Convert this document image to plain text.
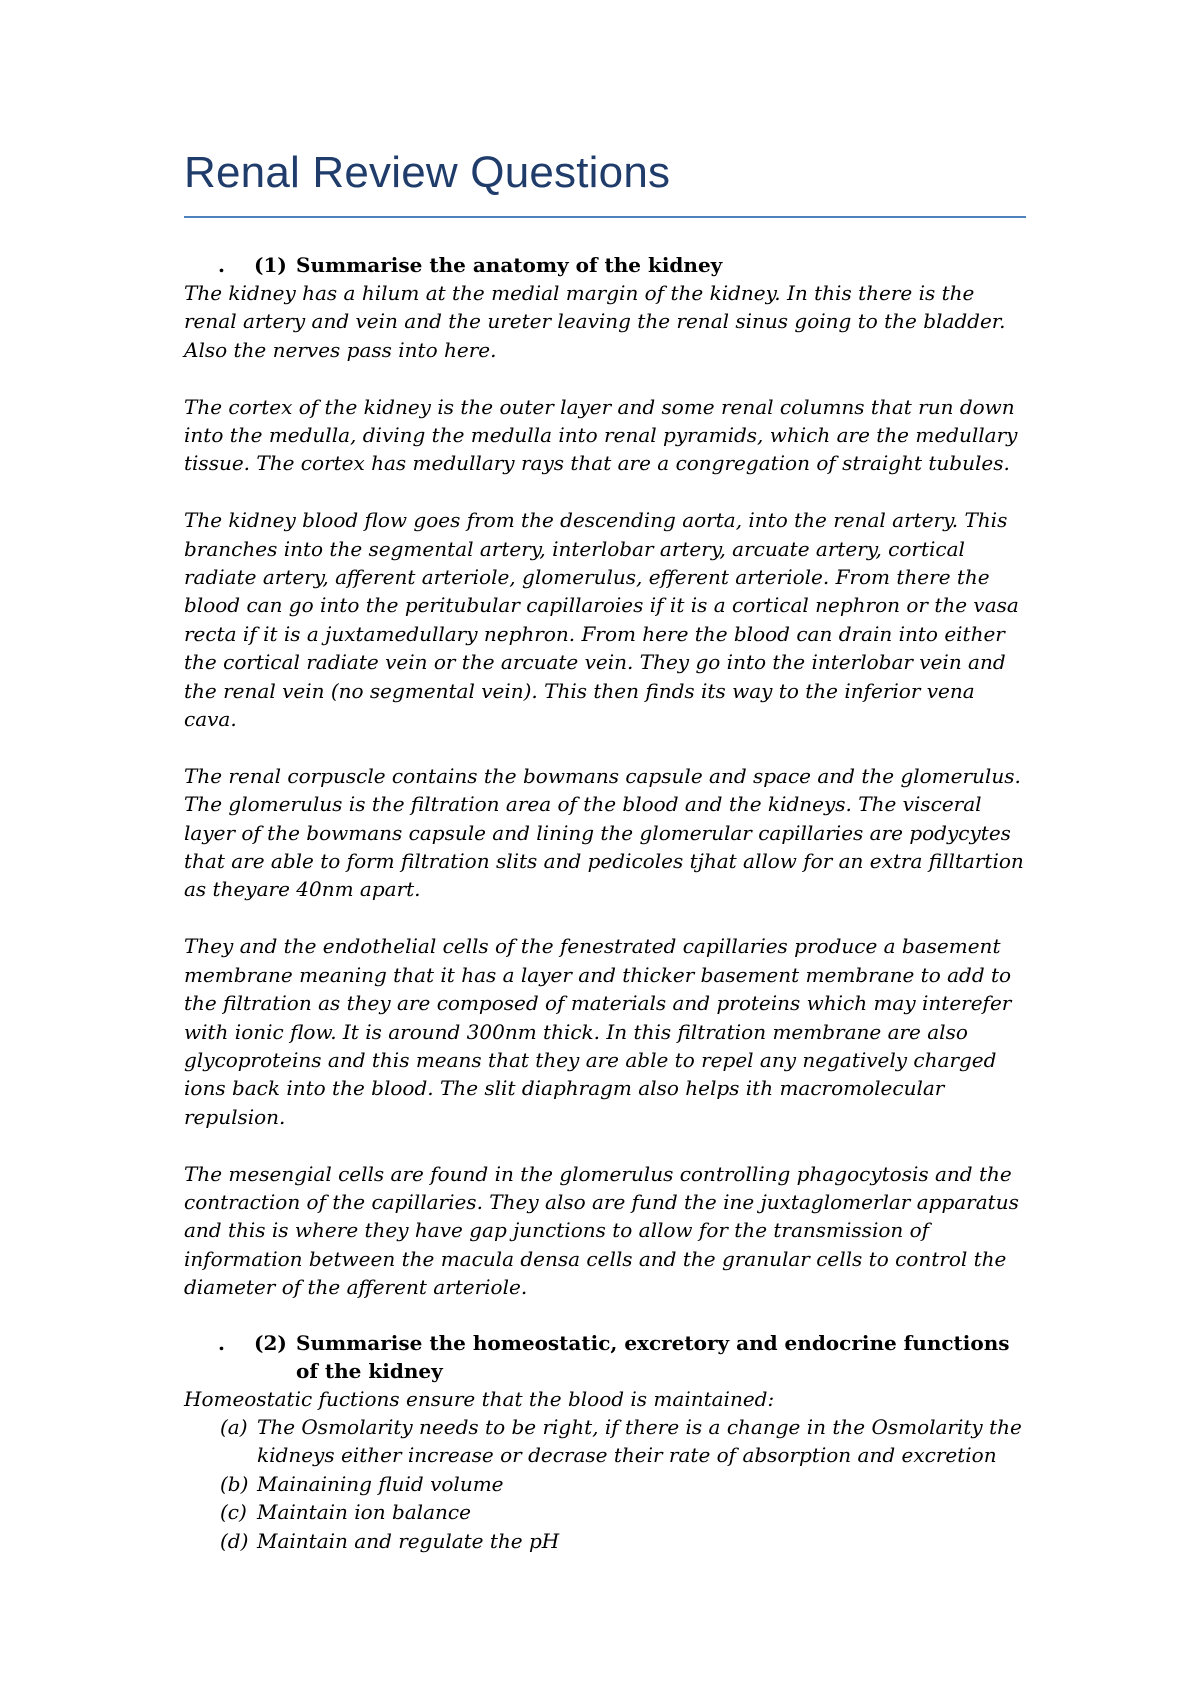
Renal Review Questions
.	(1) Summarise the anatomy of the kidney

The kidney has a hilum at the medial margin of the kidney. In this there is the renal artery and vein and the ureter leaving the renal sinus going to the bladder. Also the nerves pass into here.

The cortex of the kidney is the outer layer and some renal columns that run down into the medulla, diving the medulla into renal pyramids, which are the medullary tissue. The cortex has medullary rays that are a congregation of straight tubules.

The kidney blood flow goes from the descending aorta, into the renal artery. This branches into the segmental artery, interlobar artery, arcuate artery, cortical radiate artery, afferent arteriole, glomerulus, efferent arteriole. From there the blood can go into the peritubular capillaroies if it is a cortical nephron or the vasa recta if it is a juxtamedullary nephron. From here the blood can drain into either the cortical radiate vein or the arcuate vein. They go into the interlobar vein and the renal vein (no segmental vein). This then finds its way to the inferior vena cava.

The renal corpuscle contains the bowmans capsule and space and the glomerulus. The glomerulus is the filtration area of the blood and the kidneys. The visceral layer of the bowmans capsule and lining the glomerular capillaries are podycytes that are able to form filtration slits and pedicoles tjhat allow for an extra filltartion as theyare 40nm apart.

They and the endothelial cells of the fenestrated capillaries produce a basement membrane meaning that it has a layer and thicker basement membrane to add to the filtration as they are composed of materials and proteins which may interefer with ionic flow. It is around 300nm thick. In this filtration membrane are also glycoproteins and this means that they are able to repel any negatively charged ions back into the blood. The slit diaphragm also helps ith macromolecular repulsion.

The mesengial cells are found in the glomerulus controlling phagocytosis and the contraction of the capillaries. They also are fund the ine juxtaglomerlar apparatus and this is where they have gap junctions to allow for the transmission of information between the macula densa cells and the granular cells to control the diameter of the afferent arteriole.

.	(2) Summarise the homeostatic, excretory and endocrine functions of the kidney

Homeostatic fuctions ensure that the blood is maintained:

(a) The Osmolarity needs to be right, if there is a change in the Osmolarity the kidneys either increase or decrase their rate of absorption and excretion
(b) Mainaining fluid volume
(c) Maintain ion balance
(d) Maintain and regulate the pH
